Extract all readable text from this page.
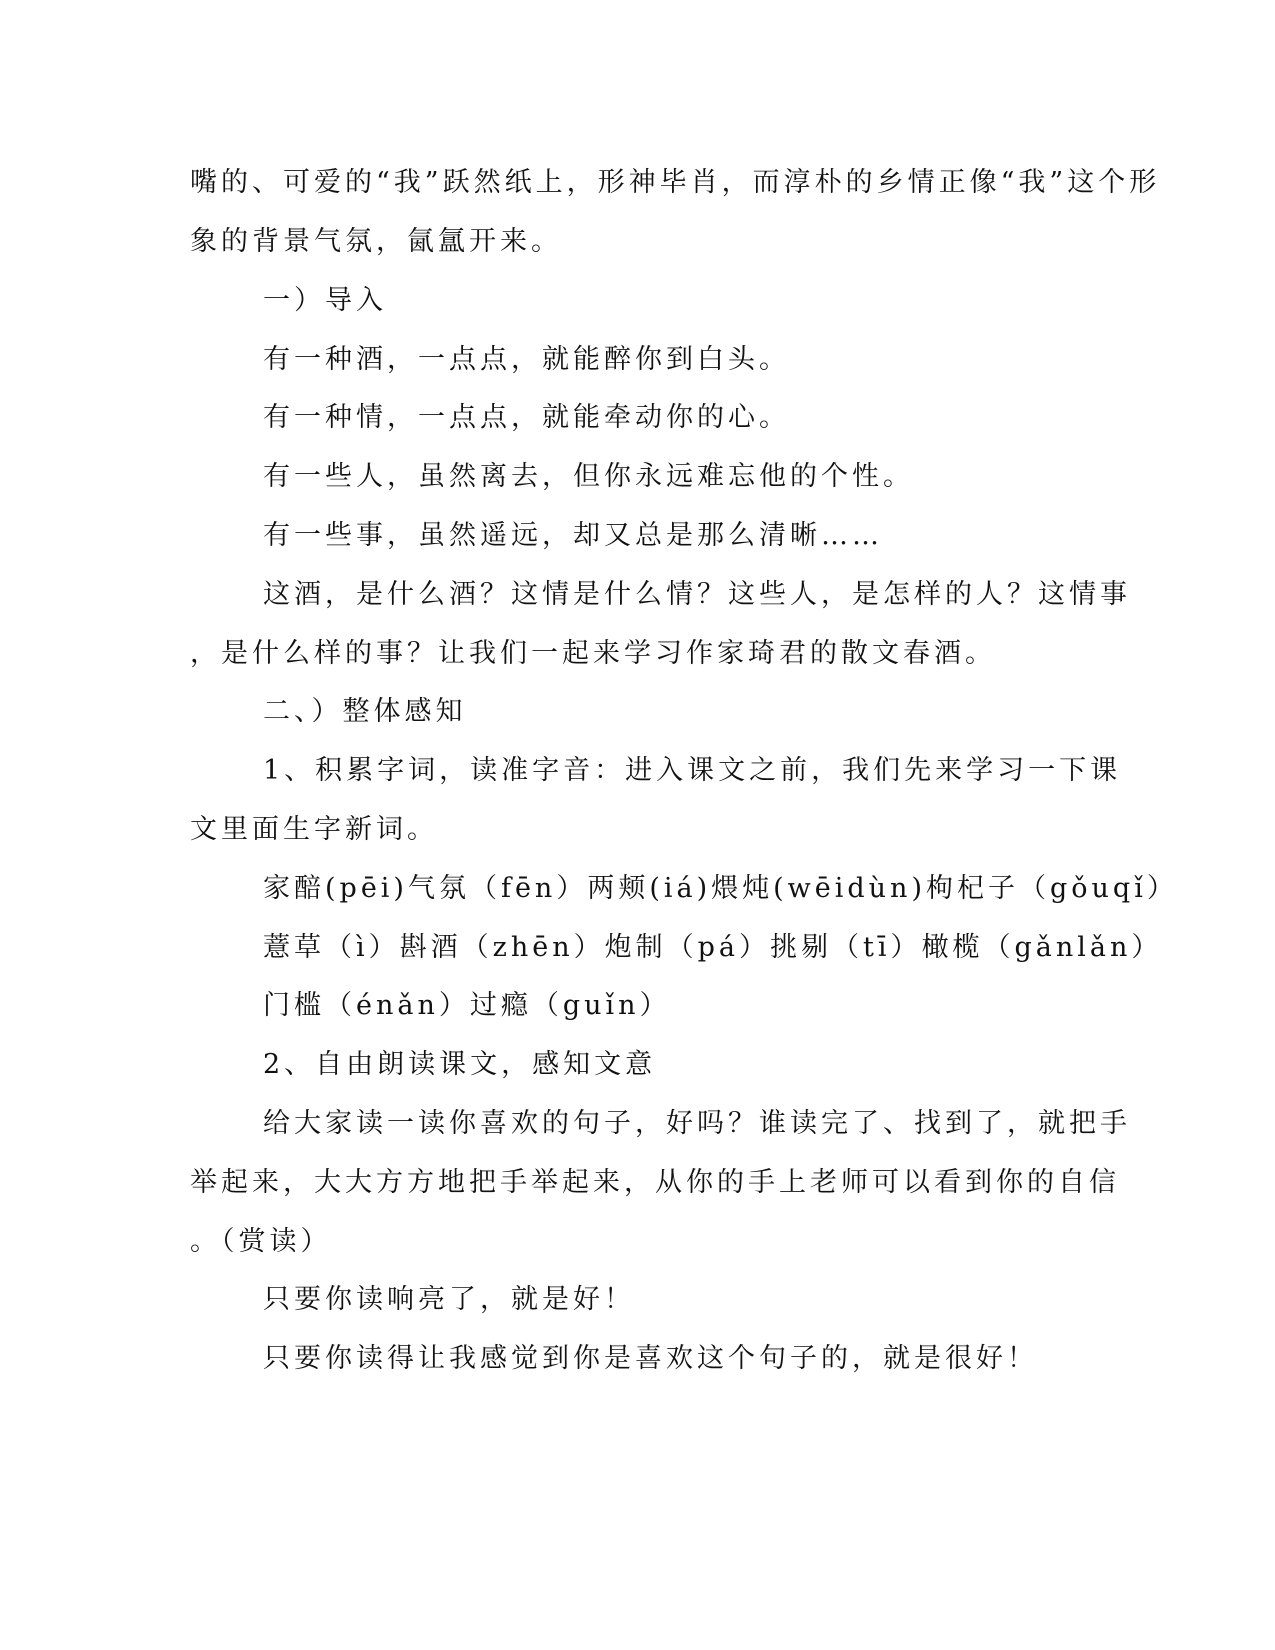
嘴的、可爱的“我”跃然纸上，形神毕肖，而淳朴的乡情正像“我”这个形

象的背景气氛，氤氲开来。

一）导入

有一种酒，一点点，就能醉你到白头。

有一种情，一点点，就能牵动你的心。

有一些人，虽然离去，但你永远难忘他的个性。

有一些事，虽然遥远，却又总是那么清晰……

这酒，是什么酒？这情是什么情？这些人，是怎样的人？这情事

，是什么样的事？让我们一起来学习作家琦君的散文春酒。

二、）整体感知

1、积累字词，读准字音：进入课文之前，我们先来学习一下课

文里面生字新词。

家醅(pēi)气氛（fēn）两颊(iá)煨炖(wēidùn)枸杞子（gǒuqǐ）

薏草（ì）斟酒（zhēn）炮制（pá）挑剔（tī）橄榄（gǎnlǎn）

门槛（énǎn）过瘾（guǐn）

2、自由朗读课文，感知文意

给大家读一读你喜欢的句子，好吗？谁读完了、找到了，就把手

举起来，大大方方地把手举起来，从你的手上老师可以看到你的自信

。（赏读）

只要你读响亮了，就是好！

只要你读得让我感觉到你是喜欢这个句子的，就是很好！
